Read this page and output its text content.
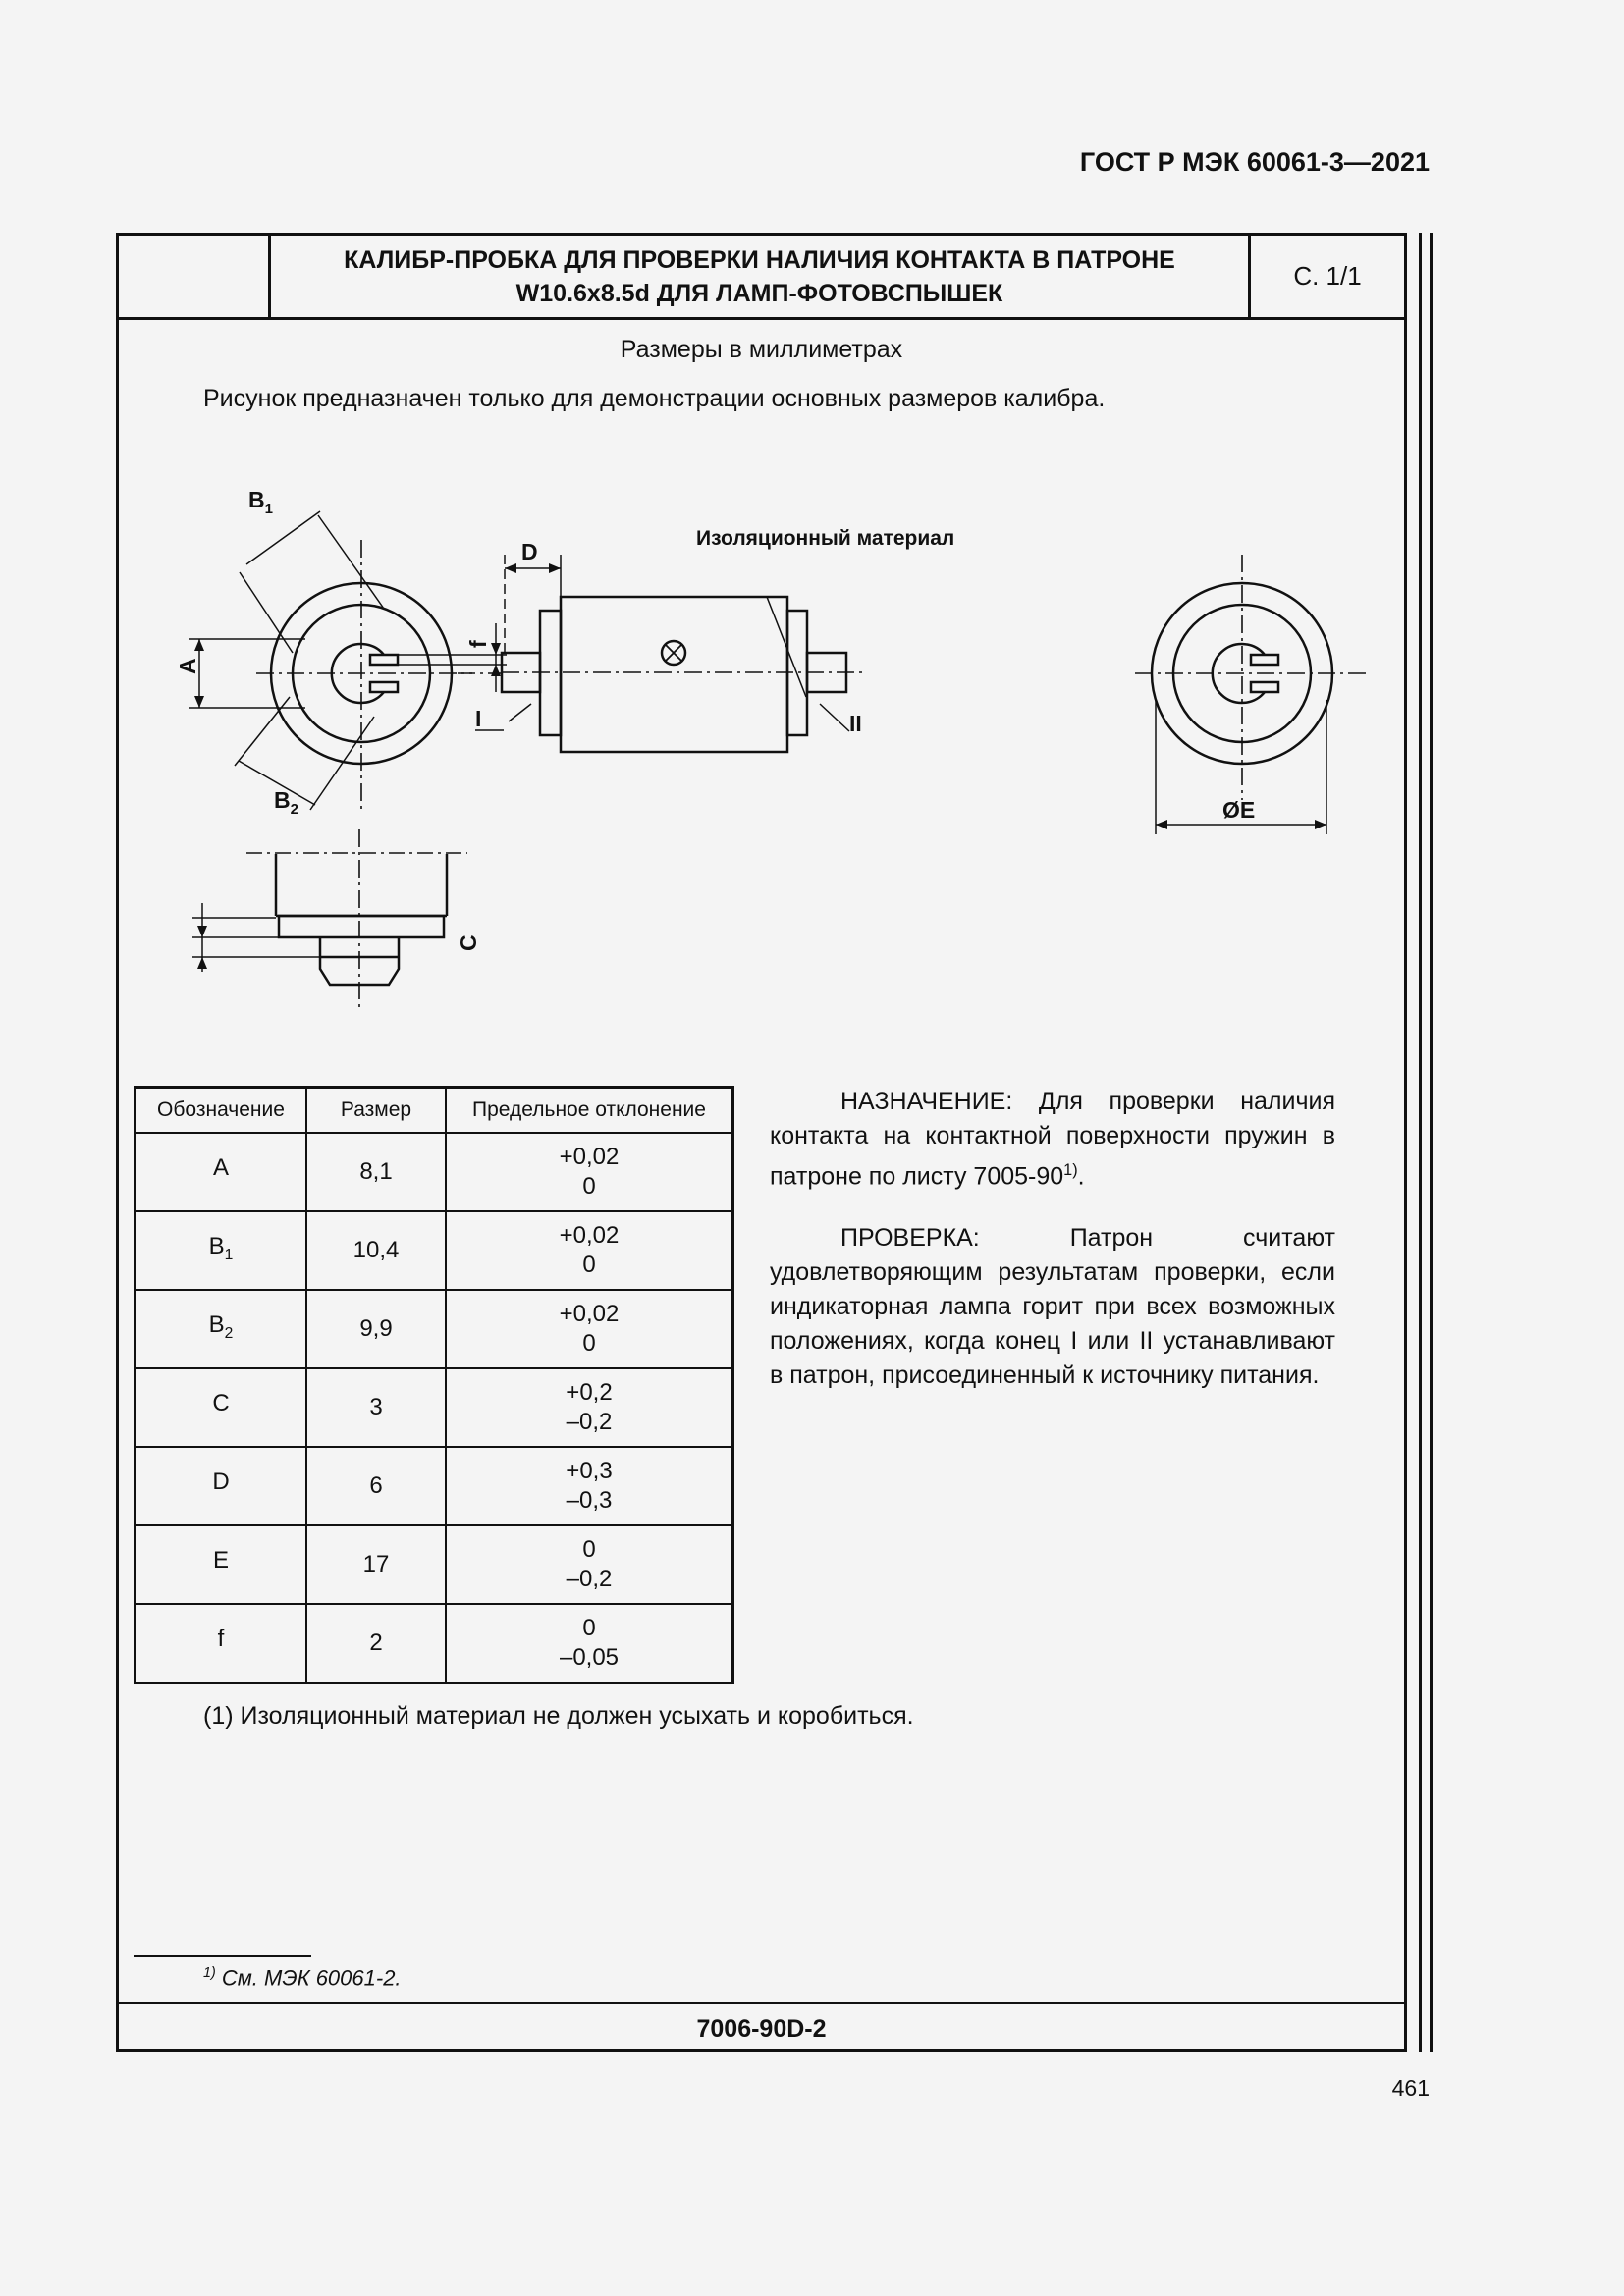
ГОСТ Р МЭК 60061-3—2021
КАЛИБР-ПРОБКА ДЛЯ ПРОВЕРКИ НАЛИЧИЯ КОНТАКТА В ПАТРОНЕ
W10.6x8.5d ДЛЯ ЛАМП-ФОТОВСПЫШЕК
С. 1/1
Размеры в миллиметрах
Рисунок предназначен только для демонстрации основных размеров калибра.
$B_1$
$B_2$
A
f
C
D
Изоляционный материал
I	II
ØE
Обозначение	Размер	Предельное отклонение
A	8,1	+0,02
0

$B_1$	10,4	+0,02
0

$B_2$	9,9	+0,02
0

C	3	+0,2
–0,2

D	6	+0,3
–0,3

E	17	0
–0,2

f	2	0
–0,05

НАЗНАЧЕНИЕ: Для проверки наличия контакта на контактной поверхности пружин в патроне по листу 7005-90$^{1)}$.

ПРОВЕРКА: Патрон считают удовлетворяющим результатам проверки, если индикаторная лампа горит при всех возможных положениях, когда конец I или II устанавливают в патрон, присоединенный к источнику питания.

(1) Изоляционный материал не должен усыхать и коробиться.
$^{1)}$ См. МЭК 60061-2.
7006-90D-2
461
